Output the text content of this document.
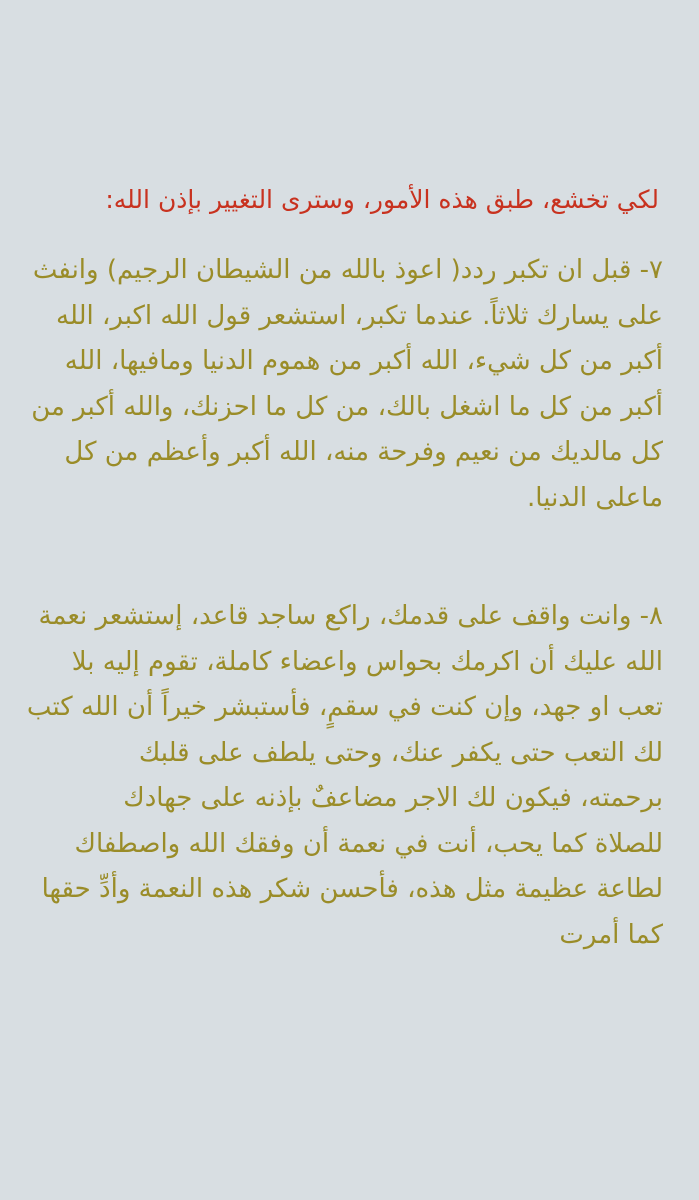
لكي تخشع، طبق هذه الأمور، وسترى التغيير بإذن الله:

٧- قبل ان تكبر ردد( اعوذ بالله من الشيطان الرجيم) وانفث

على يسارك ثلاثاً. عندما تكبر، استشعر قول الله اكبر، الله

أكبر من كل شيء، الله أكبر من هموم الدنيا ومافيها، الله

أكبر من كل ما اشغل بالك، من كل ما احزنك، والله أكبر من

كل مالديك من نعيم وفرحة منه، الله أكبر وأعظم من كل

ماعلى الدنيا.

٨- وانت واقف على قدمك، راكع ساجد قاعد، إستشعر نعمة

الله عليك أن اكرمك بحواس واعضاء كاملة، تقوم إليه بلا

تعب او جهد، وإن كنت في سقمٍ، فأستبشر خيراً أن الله كتب

لك التعب حتى يكفر عنك، وحتى يلطف على قلبك

برحمته، فيكون لك الاجر مضاعفٌ بإذنه على جهادك

للصلاة كما يحب، أنت في نعمة أن وفقك الله واصطفاك

لطاعة عظيمة مثل هذه، فأحسن شكر هذه النعمة وأدِّ حقها

كما أمرت
